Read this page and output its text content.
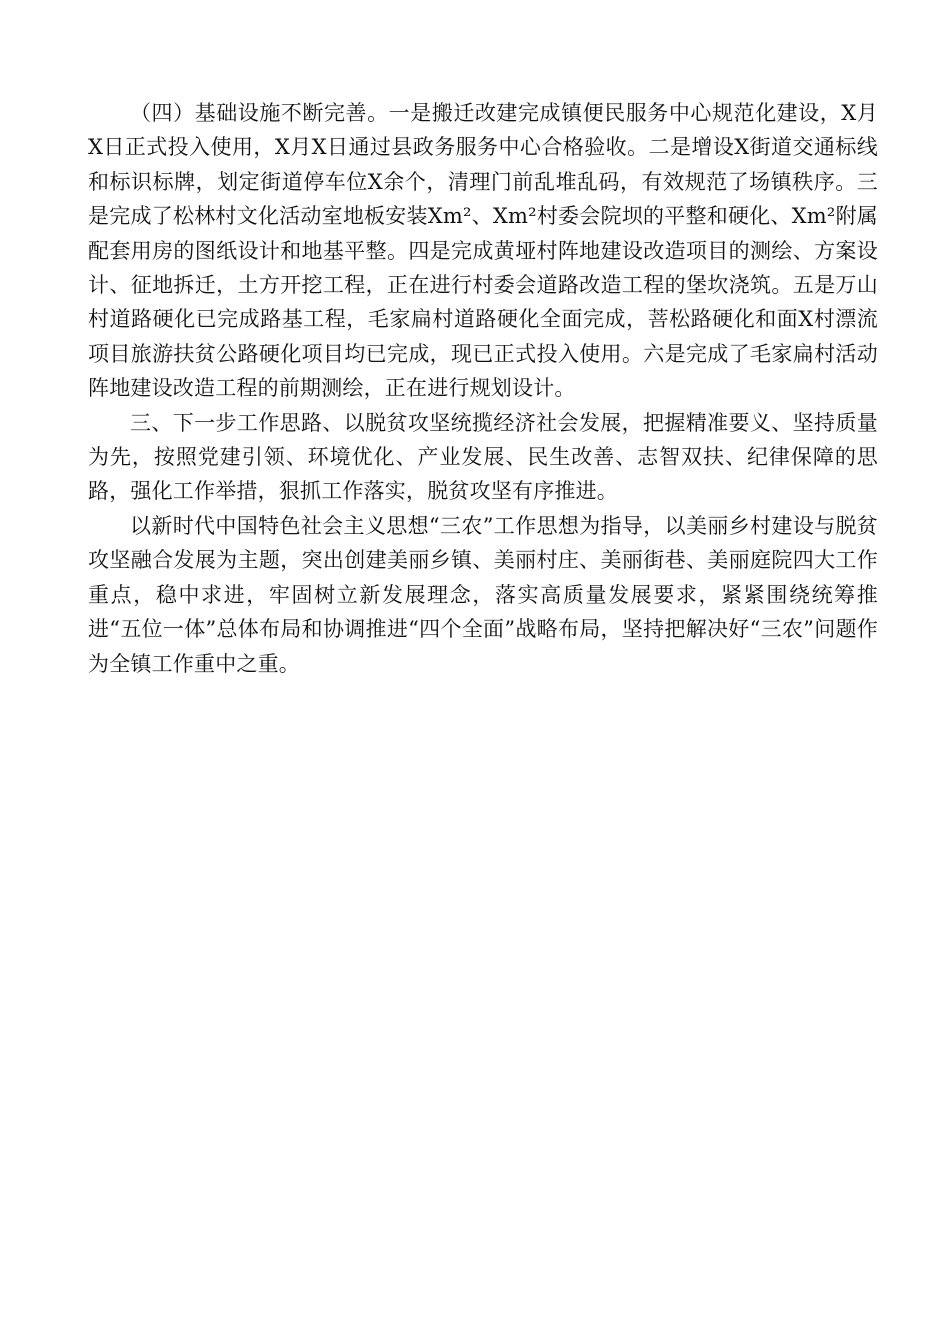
（四）基础设施不断完善。一是搬迁改建完成镇便民服务中心规范化建设，X月X日正式投入使用，X月X日通过县政务服务中心合格验收。二是增设X街道交通标线和标识标牌，划定街道停车位X余个，清理门前乱堆乱码，有效规范了场镇秩序。三是完成了松林村文化活动室地板安装Xm²、Xm²村委会院坝的平整和硬化、Xm²附属配套用房的图纸设计和地基平整。四是完成黄垭村阵地建设改造项目的测绘、方案设计、征地拆迁，土方开挖工程，正在进行村委会道路改造工程的堡坎浇筑。五是万山村道路硬化已完成路基工程，毛家扁村道路硬化全面完成，菩松路硬化和面X村漂流项目旅游扶贫公路硬化项目均已完成，现已正式投入使用。六是完成了毛家扁村活动阵地建设改造工程的前期测绘，正在进行规划设计。

三、下一步工作思路、以脱贫攻坚统揽经济社会发展，把握精准要义、坚持质量为先，按照党建引领、环境优化、产业发展、民生改善、志智双扶、纪律保障的思路，强化工作举措，狠抓工作落实，脱贫攻坚有序推进。

以新时代中国特色社会主义思想“三农”工作思想为指导，以美丽乡村建设与脱贫攻坚融合发展为主题，突出创建美丽乡镇、美丽村庄、美丽街巷、美丽庭院四大工作重点，稳中求进，牢固树立新发展理念，落实高质量发展要求，紧紧围绕统筹推进“五位一体”总体布局和协调推进“四个全面”战略布局，坚持把解决好“三农”问题作为全镇工作重中之重。
